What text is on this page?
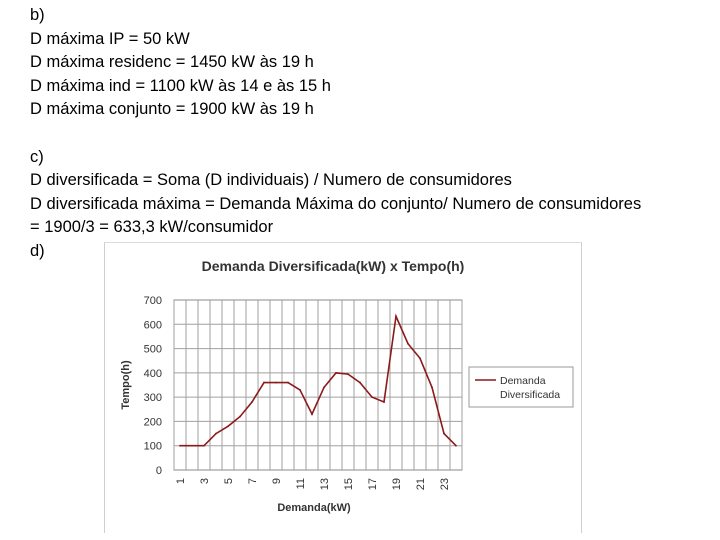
b)
D máxima IP = 50 kW
D máxima residenc = 1450 kW às 19 h
D máxima ind = 1100 kW às 14 e às 15 h
D máxima conjunto = 1900 kW às 19 h
c)
D diversificada = Soma (D individuais) / Numero de consumidores
D diversificada máxima = Demanda Máxima do conjunto/ Numero de consumidores
= 1900/3 = 633,3 kW/consumidor
d)
Demanda Diversificada(kW) x Tempo(h)
0
100
200
300
400
500
600
700
1 3 5 7 9 11 13 15 17 19 21 23
Demanda(kW)
Tempo(h)	Demanda
Diversificada
